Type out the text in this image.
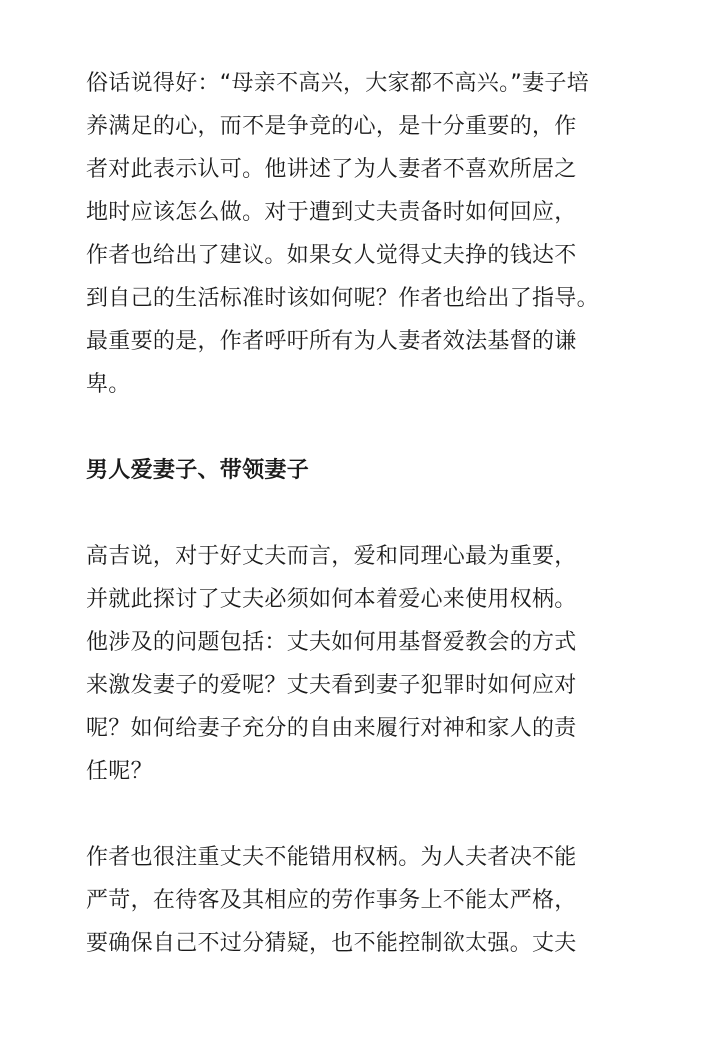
俗话说得好：“母亲不高兴，大家都不高兴。”妻子培
养满足的心，而不是争竞的心，是十分重要的，作
者对此表示认可。他讲述了为人妻者不喜欢所居之
地时应该怎么做。对于遭到丈夫责备时如何回应，
作者也给出了建议。如果女人觉得丈夫挣的钱达不
到自己的生活标准时该如何呢？作者也给出了指导。
最重要的是，作者呼吁所有为人妻者效法基督的谦
卑。
男人爱妻子、带领妻子
高吉说，对于好丈夫而言，爱和同理心最为重要，
并就此探讨了丈夫必须如何本着爱心来使用权柄。
他涉及的问题包括：丈夫如何用基督爱教会的方式
来激发妻子的爱呢？丈夫看到妻子犯罪时如何应对
呢？如何给妻子充分的自由来履行对神和家人的责
任呢？
作者也很注重丈夫不能错用权柄。为人夫者决不能
严苛，在待客及其相应的劳作事务上不能太严格，
要确保自己不过分猜疑，也不能控制欲太强。丈夫
